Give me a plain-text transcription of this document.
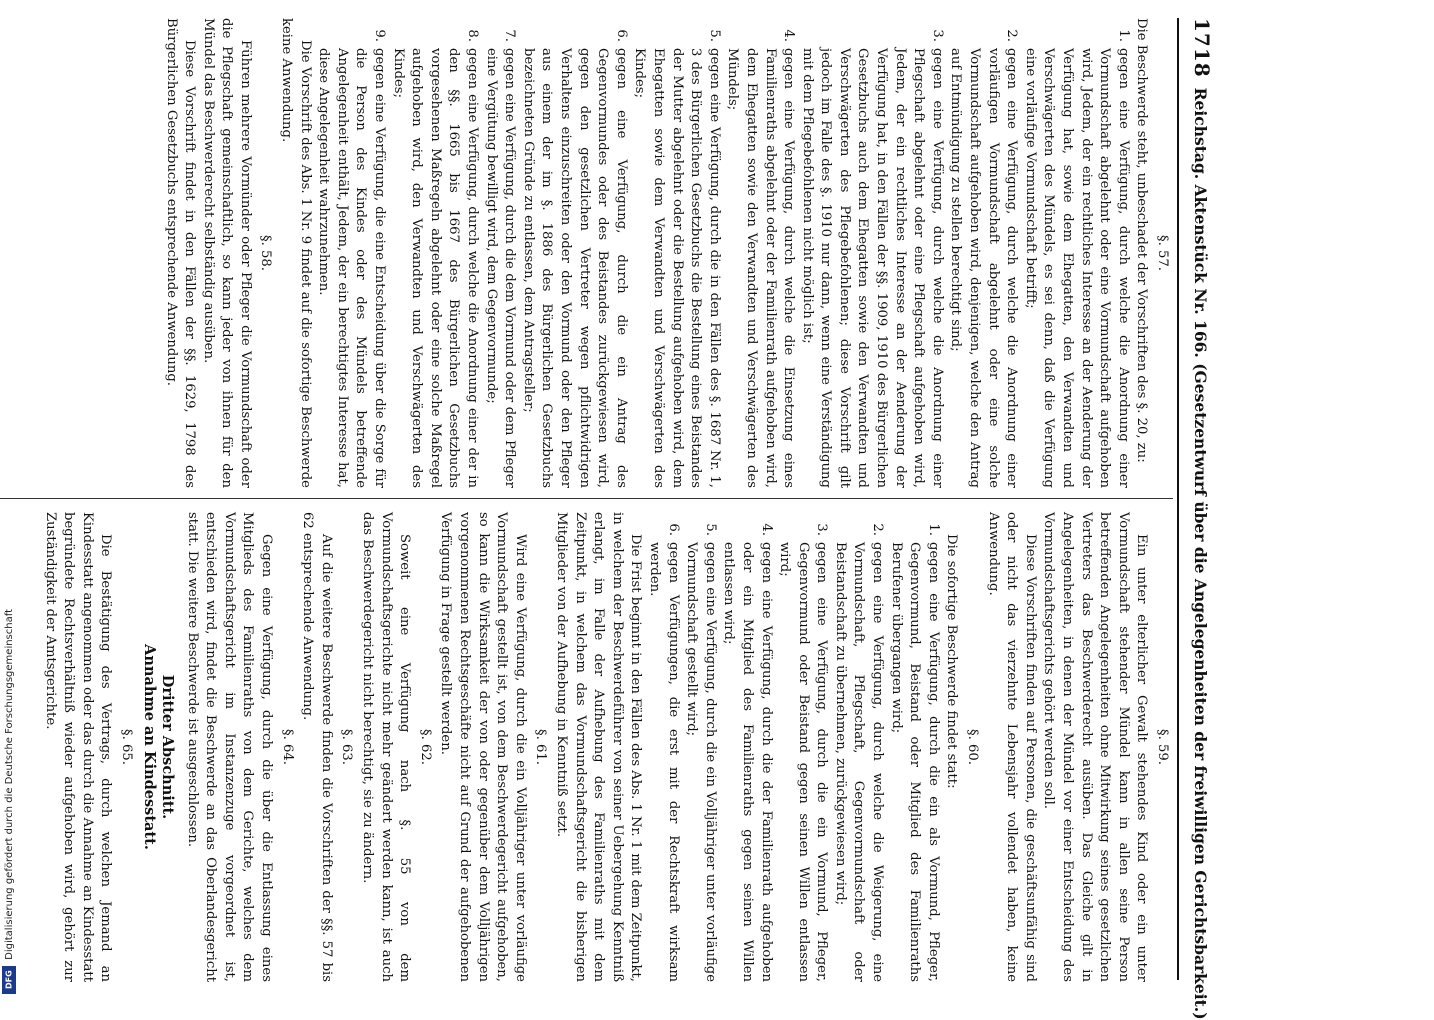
1718
Reichstag. Aktenstück Nr. 166. (Gesetzentwurf über die Angelegenheiten der freiwilligen Gerichtsbarkeit.)
§. 57.

Die Beschwerde steht, unbeschadet der Vorschriften des §. 20, zu:

1.
gegen eine Verfügung, durch welche die Anordnung einer Vormundschaft abgelehnt oder eine Vormundschaft aufgehoben wird, Jedem, der ein rechtliches Interesse an der Aenderung der Verfügung hat, sowie dem Ehegatten, den Verwandten und Verschwägerten des Mündels, es sei denn, daß die Verfügung eine vorläufige Vormundschaft betrifft;
2.
gegen eine Verfügung, durch welche die Anordnung einer vorläufigen Vormundschaft abgelehnt oder eine solche Vormundschaft aufgehoben wird, denjenigen, welche den Antrag auf Entmündigung zu stellen berechtigt sind;
3.
gegen eine Verfügung, durch welche die Anordnung einer Pflegschaft abgelehnt oder eine Pflegschaft aufgehoben wird, Jedem, der ein rechtliches Interesse an der Aenderung der Verfügung hat, in den Fällen der §§. 1909, 1910 des Bürgerlichen Gesetzbuchs auch dem Ehegatten sowie den Verwandten und Verschwägerten des Pflegebefohlenen; diese Vorschrift gilt jedoch im Falle des §. 1910 nur dann, wenn eine Verständigung mit dem Pflegebefohlenen nicht möglich ist;
4.
gegen eine Verfügung, durch welche die Einsetzung eines Familienraths abgelehnt oder der Familienrath aufgehoben wird, dem Ehegatten sowie den Verwandten und Verschwägerten des Mündels;
5.
gegen eine Verfügung, durch die in den Fällen des §. 1687 Nr. 1, 3 des Bürgerlichen Gesetzbuchs die Bestellung eines Beistandes der Mutter abgelehnt oder die Bestellung aufgehoben wird, dem Ehegatten sowie dem Verwandten und Verschwägerten des Kindes;
6.
gegen eine Verfügung, durch die ein Antrag des Gegenvormundes oder des Beistandes zurückgewiesen wird, gegen den gesetzlichen Vertreter wegen pflichtwidrigen Verhaltens einzuschreiten oder den Vormund oder den Pfleger aus einem der im §. 1886 des Bürgerlichen Gesetzbuchs bezeichneten Gründe zu entlassen, dem Antragsteller;
7.
gegen eine Verfügung, durch die dem Vormund oder dem Pfleger eine Vergütung bewilligt wird, dem Gegenvormunde;
8.
gegen eine Verfügung, durch welche die Anordnung einer der in den §§. 1665 bis 1667 des Bürgerlichen Gesetzbuchs vorgesehenen Maßregeln abgelehnt oder eine solche Maßregel aufgehoben wird, den Verwandten und Verschwägerten des Kindes;
9.
gegen eine Verfügung, die eine Entscheidung über die Sorge für die Person des Kindes oder des Mündels betreffende Angelegenheit enthält, Jedem, der ein berechtigtes Interesse hat, diese Angelegenheit wahrzunehmen.

Die Vorschrift des Abs. 1 Nr. 9 findet auf die sofortige Beschwerde keine Anwendung.

§. 58.

Führen mehrere Vormünder oder Pfleger die Vormundschaft oder die Pflegschaft gemeinschaftlich, so kann jeder von ihnen für den Mündel das Beschwerderecht selbständig ausüben.

Diese Vorschrift findet in den Fällen der §§. 1629, 1798 des Bürgerlichen Gesetzbuchs entsprechende Anwendung.

§. 59.

Ein unter elterlicher Gewalt stehendes Kind oder ein unter Vormundschaft stehender Mündel kann in allen seine Person betreffenden Angelegenheiten ohne Mitwirkung seines gesetzlichen Vertreters das Beschwerderecht ausüben. Das Gleiche gilt in Angelegenheiten, in denen der Mündel vor einer Entscheidung des Vormundschaftsgerichts gehört werden soll.

Diese Vorschriften finden auf Personen, die geschäftsunfähig sind oder nicht das vierzehnte Lebensjahr vollendet haben, keine Anwendung.

§. 60.

Die sofortige Beschwerde findet statt:

1.
gegen eine Verfügung, durch die ein als Vormund, Pfleger, Gegenvormund, Beistand oder Mitglied des Familienraths Berufener übergangen wird;
2.
gegen eine Verfügung, durch welche die Weigerung, eine Vormundschaft, Pflegschaft, Gegenvormundschaft oder Beistandschaft zu übernehmen, zurückgewiesen wird;
3.
gegen eine Verfügung, durch die ein Vormund, Pfleger, Gegenvormund oder Beistand gegen seinen Willen entlassen wird;
4.
gegen eine Verfügung, durch die der Familienrath aufgehoben oder ein Mitglied des Familienraths gegen seinen Willen entlassen wird;
5.
gegen eine Verfügung, durch die ein Volljähriger unter vorläufige Vormundschaft gestellt wird;
6.
gegen Verfügungen, die erst mit der Rechtskraft wirksam werden.

Die Frist beginnt in den Fällen des Abs. 1 Nr. 1 mit dem Zeitpunkt, in welchem der Beschwerdeführer von seiner Uebergehung Kenntniß erlangt, im Falle der Aufhebung des Familienraths mit dem Zeitpunkt, in welchem das Vormundschaftsgericht die bisherigen Mitglieder von der Aufhebung in Kenntniß setzt.

§. 61.

Wird eine Verfügung, durch die ein Volljähriger unter vorläufige Vormundschaft gestellt ist, von dem Beschwerdegericht aufgehoben, so kann die Wirksamkeit der von oder gegenüber dem Volljährigen vorgenommenen Rechtsgeschäfte nicht auf Grund der aufgehobenen Verfügung in Frage gestellt werden.

§. 62.

Soweit eine Verfügung nach §. 55 von dem Vormundschaftsgerichte nicht mehr geändert werden kann, ist auch das Beschwerdegericht nicht berechtigt, sie zu ändern.

§. 63.

Auf die weitere Beschwerde finden die Vorschriften der §§. 57 bis 62 entsprechende Anwendung.

§. 64.

Gegen eine Verfügung, durch die über die Entlassung eines Mitglieds des Familienraths von dem Gerichte, welches dem Vormundschaftsgericht im Instanzenzuge vorgeordnet ist, entschieden wird, findet die Beschwerde an das Oberlandesgericht statt. Die weitere Beschwerde ist ausgeschlossen.

Dritter Abschnitt.
Annahme an Kindesstatt.
§. 65.

Die Bestätigung des Vertrags, durch welchen Jemand an Kindesstatt angenommen oder das durch die Annahme an Kindesstatt begründete Rechtsverhältniß wieder aufgehoben wird, gehört zur Zuständigkeit der Amtsgerichte.

Digitalisierung gefördert durch die Deutsche Forschungsgemeinschaft
DFG
